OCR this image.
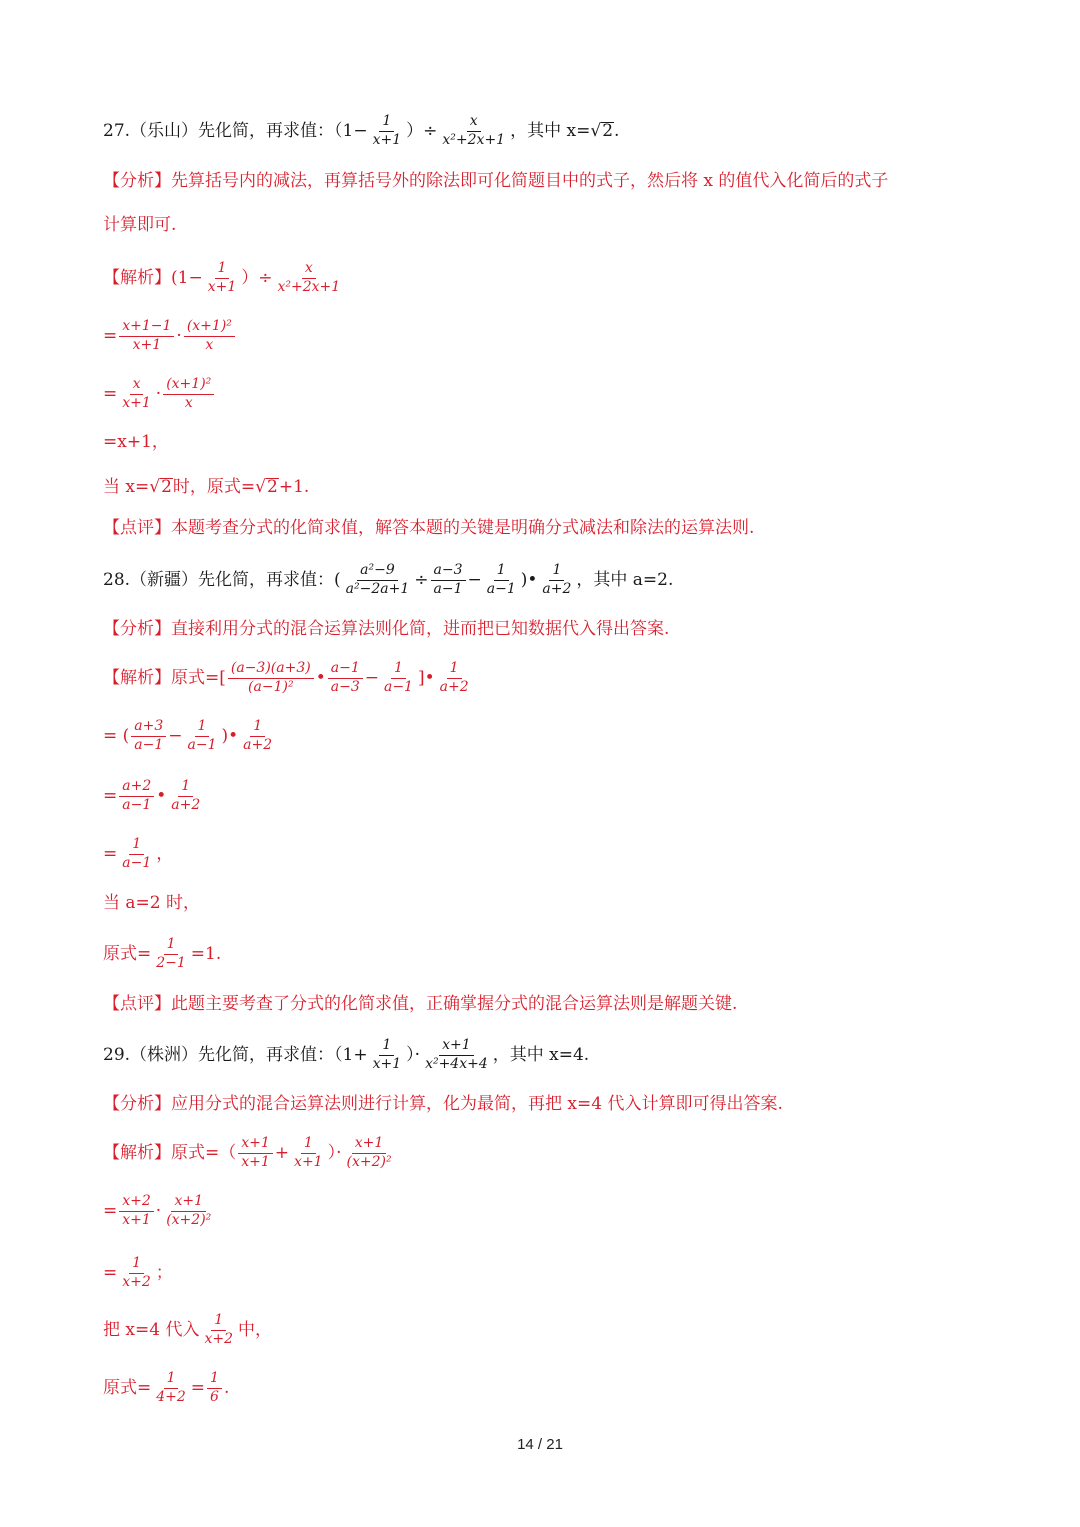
27.（乐山）先化简，再求值：（$1- \frac{1}{x+1}$ ）÷ $\frac{x}{\text{x²+2x+1}}$ ，其中 x= √ 2 .
【分析】 先算括号内的减法，再算括号外的除法即可化简题目中的式子，然后将 x 的值代入化简后的式子
计算即可.
【解析】 ($1- \frac{1}{x+1}$ ）÷ $\frac{x}{\text{x²+2x+1}}$
= $\frac{x+1-1}{x+1} \cdot \frac{\text{(x+1)²}}{x}$
= $\frac{x}{x+1} \cdot \frac{\text{(x+1)²}}{x}$
=x+1，
当 x= √ 2 时，原式= √ 2 +1.
【点评】 本题考查分式的化简求值，解答本题的关键是明确分式减法和除法的运算法则.
28.（新疆）先化简，再求值：( $\frac{\text{a²−9}}{\text{a²−2a+1}} \div \frac{a-3}{a-1} - \frac{1}{a-1}$ )• $\frac{1}{a+2}$ ，其中 a=2.
【分析】 直接利用分式的混合运算法则化简，进而把已知数据代入得出答案.
【解析】 原式=[ $\frac{(a-3)(a+3)}{\text{(a−1)²}}$ • $\frac{a-1}{a-3} - \frac{1}{a-1}$ ]• $\frac{1}{a+2}$
= ( $\frac{a+3}{a-1} - \frac{1}{a-1}$ )• $\frac{1}{a+2}$
= $\frac{a+2}{a-1}$ • $\frac{1}{a+2}$
= $\frac{1}{a-1}$ ，
当 a=2 时，
原式= $\frac{1}{2-1} =1$.
【点评】 此题主要考查了分式的化简求值，正确掌握分式的混合运算法则是解题关键.
29.（株洲）先化简，再求值：（$1+ \frac{1}{x+1}$ ）· $\frac{x+1}{\text{x²+4x+4}}$ ，其中 x=4.
【分析】 应用分式的混合运算法则进行计算，化为最简，再把 x=4 代入计算即可得出答案.
【解析】 原式=（ $\frac{x+1}{x+1} + \frac{1}{x+1}$ ）· $\frac{x+1}{\text{(x+2)²}}$
= $\frac{x+2}{x+1} \cdot \frac{x+1}{\text{(x+2)²}}$
= $\frac{1}{x+2}$ ；
把 x=4 代入 $\frac{1}{x+2}$ 中，
原式= $\frac{1}{4+2} = \frac{1}{6}$ .
14 / 21
